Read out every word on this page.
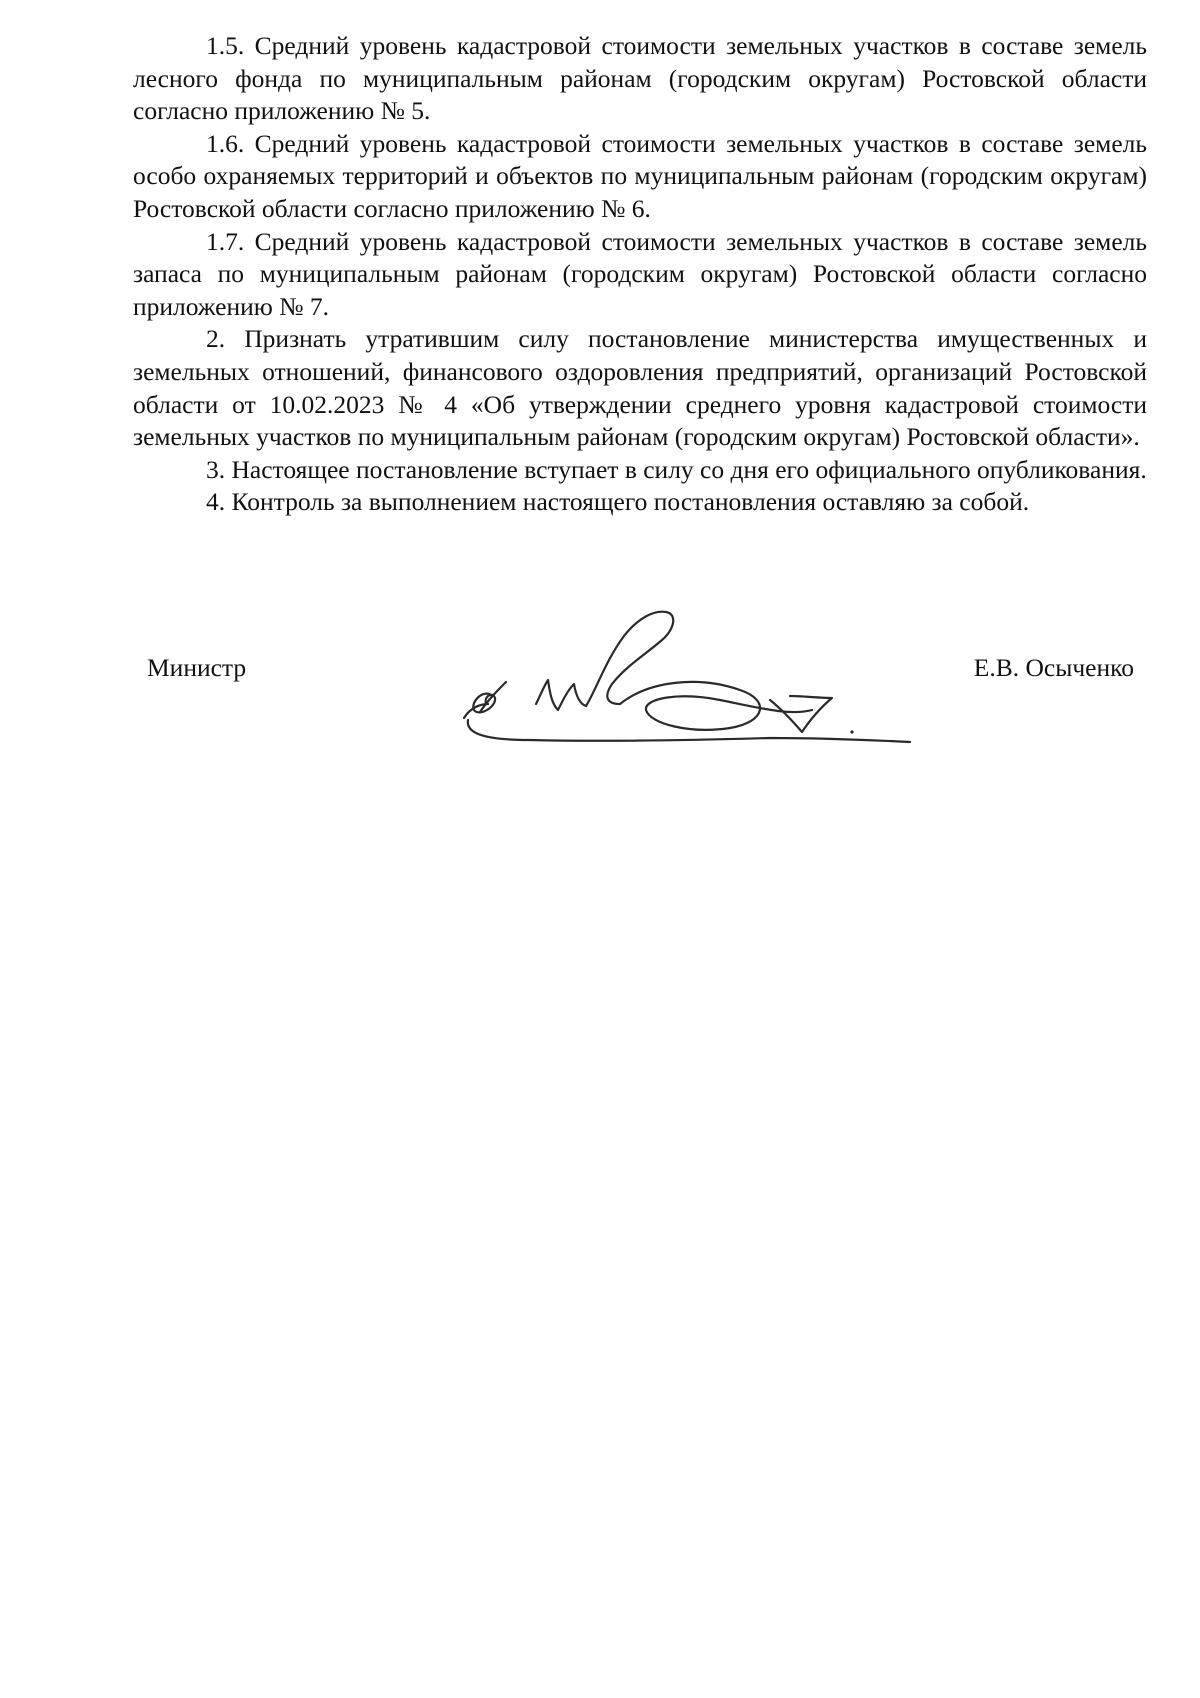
1.5. Средний уровень кадастровой стоимости земельных участков в составе земель лесного фонда по муниципальным районам (городским округам) Ростовской области согласно приложению № 5.

1.6. Средний уровень кадастровой стоимости земельных участков в составе земель особо охраняемых территорий и объектов по муниципальным районам (городским округам) Ростовской области согласно приложению № 6.

1.7. Средний уровень кадастровой стоимости земельных участков в составе земель запаса по муниципальным районам (городским округам) Ростовской области согласно приложению № 7.

2. Признать утратившим силу постановление министерства имущественных и земельных отношений, финансового оздоровления предприятий, организаций Ростовской области от 10.02.2023 № 4 «Об утверждении среднего уровня кадастровой стоимости земельных участков по муниципальным районам (городским округам) Ростовской области».

3. Настоящее постановление вступает в силу со дня его официального опубликования.

4. Контроль за выполнением настоящего постановления оставляю за собой.

Министр	Е.В. Осыченко
